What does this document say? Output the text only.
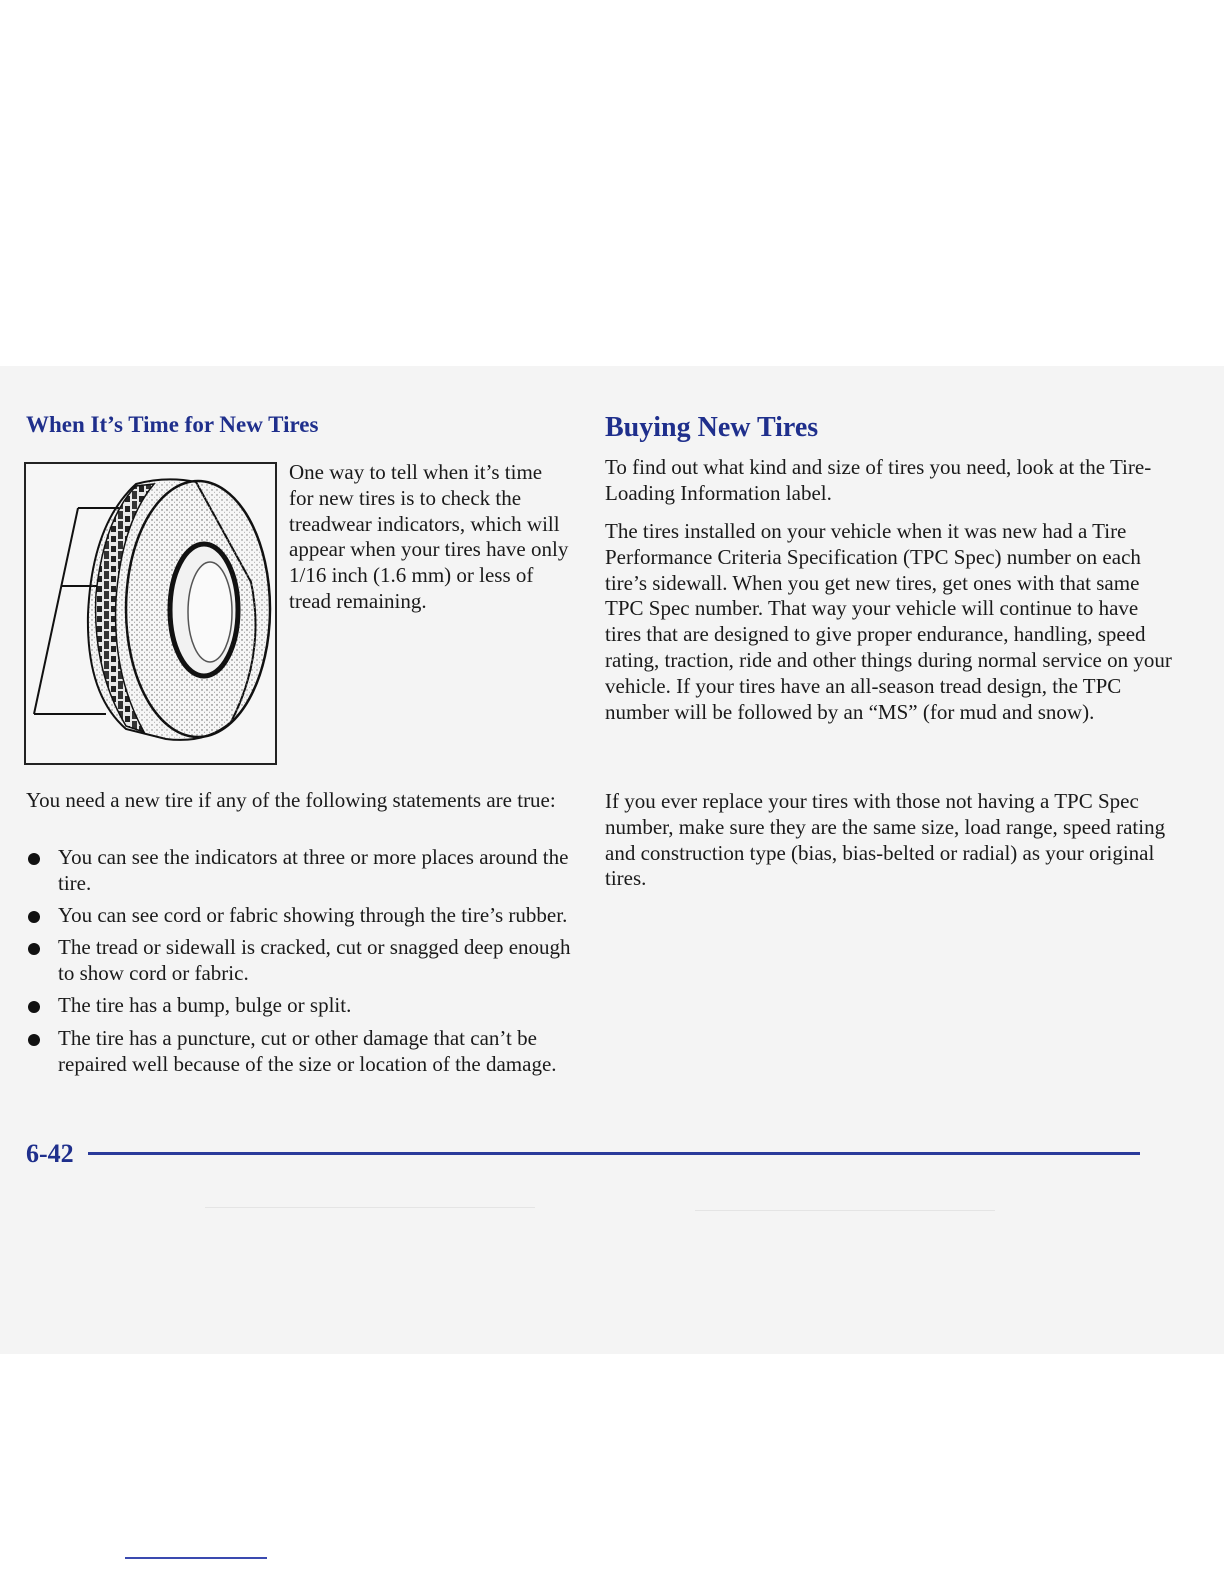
When It’s Time for New Tires	Buying New Tires

One way to tell when it’s time for new tires is to check the treadwear indicators, which will appear when your tires have only 1/16 inch (1.6 mm) or less of tread remaining.

You need a new tire if any of the following statements are true:

You can see the indicators at three or more places around the tire.
You can see cord or fabric showing through the tire’s rubber.
The tread or sidewall is cracked, cut or snagged deep enough to show cord or fabric.
The tire has a bump, bulge or split.
The tire has a puncture, cut or other damage that can’t be repaired well because of the size or location of the damage.

To find out what kind and size of tires you need, look at the Tire-Loading Information label.

The tires installed on your vehicle when it was new had a Tire Performance Criteria Specification (TPC Spec) number on each tire’s sidewall. When you get new tires, get ones with that same TPC Spec number. That way your vehicle will continue to have tires that are designed to give proper endurance, handling, speed rating, traction, ride and other things during normal service on your vehicle. If your tires have an all-season tread design, the TPC number will be followed by an “MS” (for mud and snow).

If you ever replace your tires with those not having a TPC Spec number, make sure they are the same size, load range, speed rating and construction type (bias, bias-belted or radial) as your original tires.

6-42
